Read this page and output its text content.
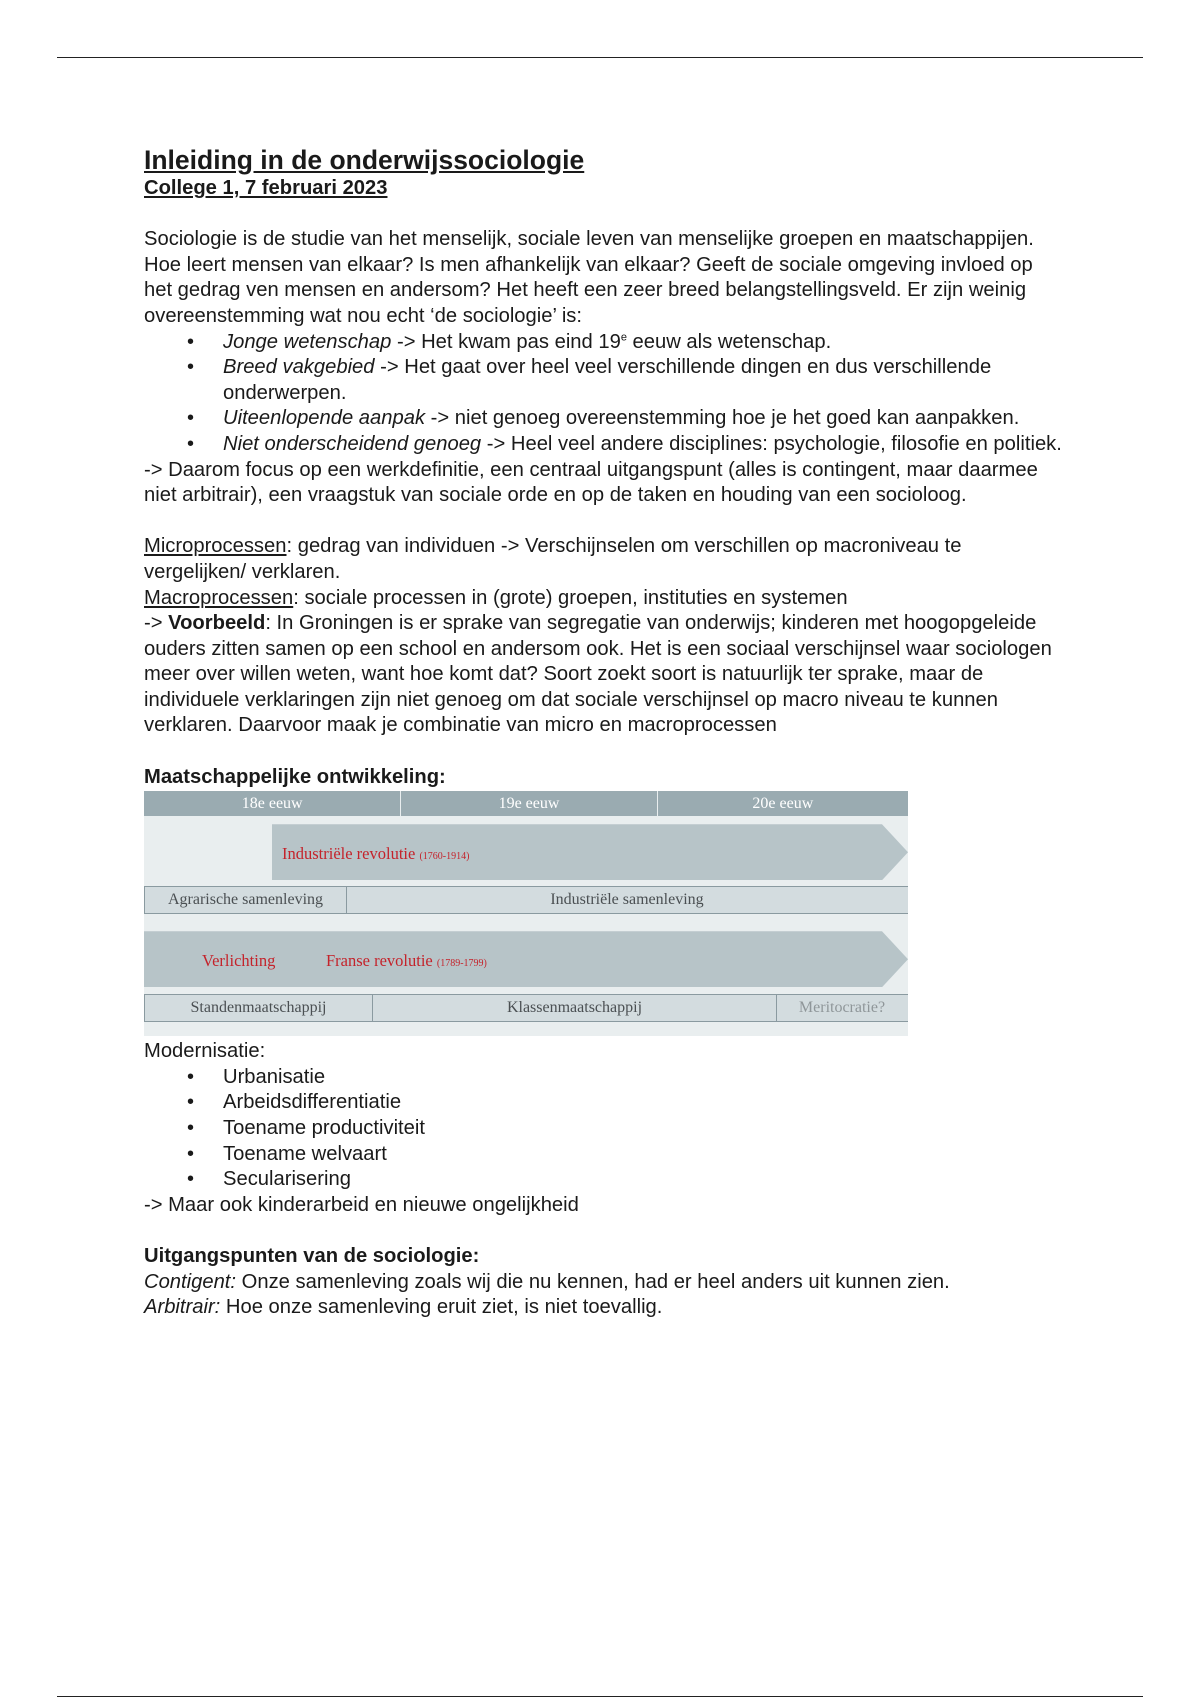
Inleiding in de onderwijssociologie

College 1, 7 februari 2023

Sociologie is de studie van het menselijk, sociale leven van menselijke groepen en maatschappijen. Hoe leert mensen van elkaar? Is men afhankelijk van elkaar? Geeft de sociale omgeving invloed op het gedrag ven mensen en andersom? Het heeft een zeer breed belangstellingsveld. Er zijn weinig overeenstemming wat nou echt ‘de sociologie’ is:

• Jonge wetenschap -> Het kwam pas eind 19e eeuw als wetenschap.
• Breed vakgebied -> Het gaat over heel veel verschillende dingen en dus verschillende onderwerpen.
• Uiteenlopende aanpak -> niet genoeg overeenstemming hoe je het goed kan aanpakken.
• Niet onderscheidend genoeg -> Heel veel andere disciplines: psychologie, filosofie en politiek.

-> Daarom focus op een werkdefinitie, een centraal uitgangspunt (alles is contingent, maar daarmee niet arbitrair), een vraagstuk van sociale orde en op de taken en houding van een socioloog.

Microprocessen: gedrag van individuen -> Verschijnselen om verschillen op macroniveau te vergelijken/ verklaren.

Macroprocessen: sociale processen in (grote) groepen, instituties en systemen

-> Voorbeeld: In Groningen is er sprake van segregatie van onderwijs; kinderen met hoogopgeleide ouders zitten samen op een school en andersom ook. Het is een sociaal verschijnsel waar sociologen meer over willen weten, want hoe komt dat? Soort zoekt soort is natuurlijk ter sprake, maar de individuele verklaringen zijn niet genoeg om dat sociale verschijnsel op macro niveau te kunnen verklaren. Daarvoor maak je combinatie van micro en macroprocessen

Maatschappelijke ontwikkeling:

18e eeuw	19e eeuw	20e eeuw
Industriële revolutie (1760-1914)
Agrarische samenleving	Industriële samenleving
Verlichting	Franse revolutie (1789-1799)
Standenmaatschappij	Klassenmaatschappij	Meritocratie?

Modernisatie:

• Urbanisatie
• Arbeidsdifferentiatie
• Toename productiviteit
• Toename welvaart
• Secularisering

-> Maar ook kinderarbeid en nieuwe ongelijkheid

Uitgangspunten van de sociologie:

Contigent: Onze samenleving zoals wij die nu kennen, had er heel anders uit kunnen zien.

Arbitrair: Hoe onze samenleving eruit ziet, is niet toevallig.
